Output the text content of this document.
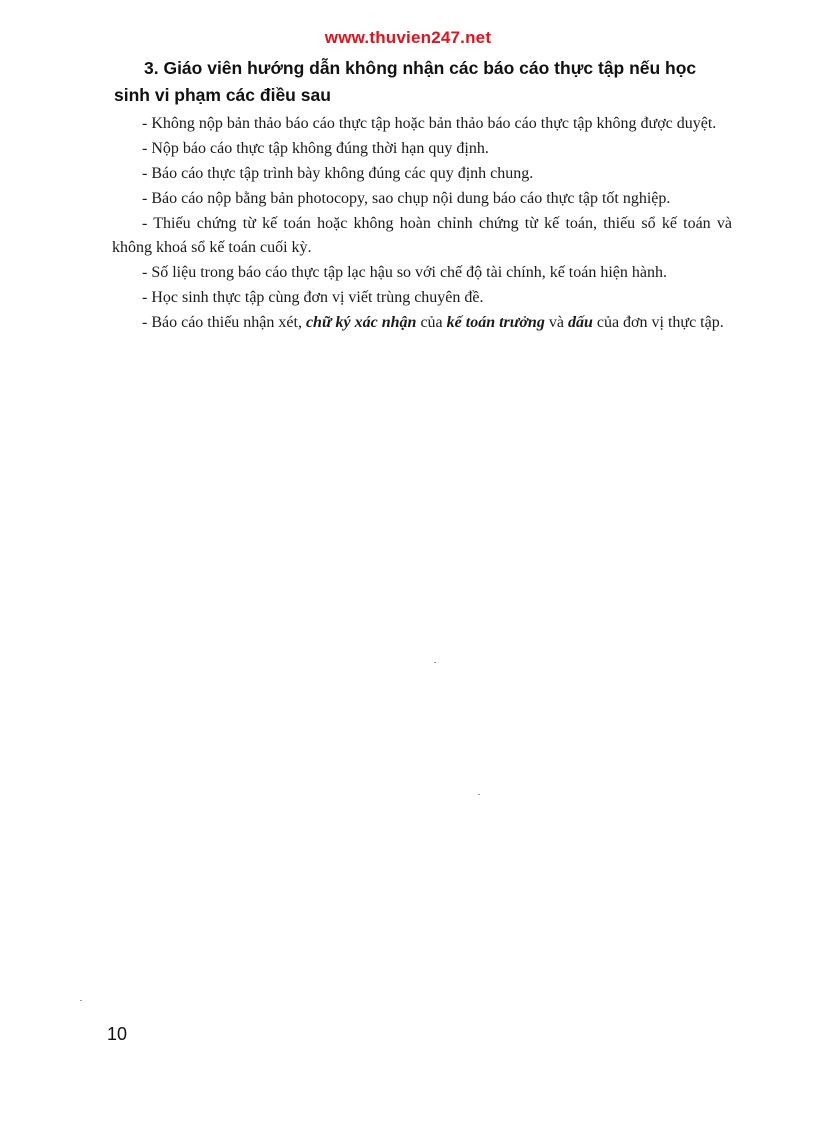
www.thuvien247.net
3. Giáo viên hướng dẫn không nhận các báo cáo thực tập nếu học sinh vi phạm các điều sau

- Không nộp bản thảo báo cáo thực tập hoặc bản thảo báo cáo thực tập không được duyệt.

- Nộp báo cáo thực tập không đúng thời hạn quy định.

- Báo cáo thực tập trình bày không đúng các quy định chung.

- Báo cáo nộp bằng bản photocopy, sao chụp nội dung báo cáo thực tập tốt nghiệp.

- Thiếu chứng từ kế toán hoặc không hoàn chỉnh chứng từ kế toán, thiếu sổ kế toán và không khoá sổ kế toán cuối kỳ.

- Số liệu trong báo cáo thực tập lạc hậu so với chế độ tài chính, kế toán hiện hành.

- Học sinh thực tập cùng đơn vị viết trùng chuyên đề.

- Báo cáo thiếu nhận xét, chữ ký xác nhận của kế toán trưởng và dấu của đơn vị thực tập.

10
